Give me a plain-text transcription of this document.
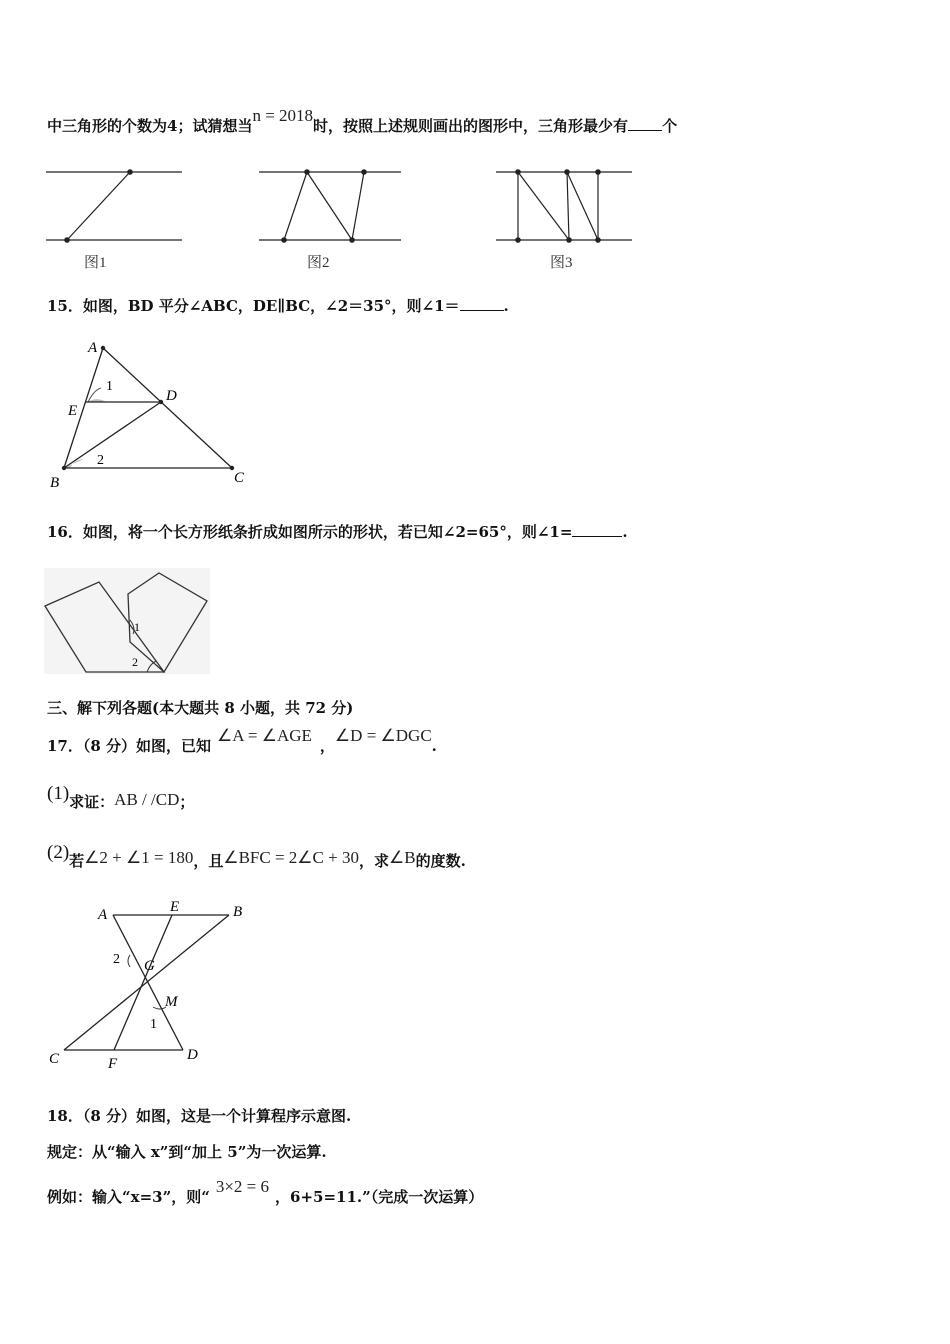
中三角形的个数为4；试猜想当n = 2018时，按照上述规则画出的图形中，三角形最少有 个
图1	图2	图3
15．如图，BD 平分∠ABC，DE∥BC，∠2＝35°，则∠1＝	.
A
D
E
B	C
1
2
16．如图，将一个长方形纸条折成如图所示的形状，若已知∠2=65°，则∠1=	.
1
2
三、解下列各题(本大题共 8 小题，共 72 分)
17．（8 分）如图，已知∠A = ∠AGE，∠D = ∠DGC.
(1)求证：AB / /CD；
(2)若∠2 + ∠1 = 180，且∠BFC = 2∠C + 30，求∠B的度数.
A	E	B
G
M
C	F
D
2
1
18．（8 分）如图，这是一个计算程序示意图.
规定：从“输入 x”到“加上 5”为一次运算.
例如：输入“x=3”，则“3×2 = 6，6+5=11.”（完成一次运算）
